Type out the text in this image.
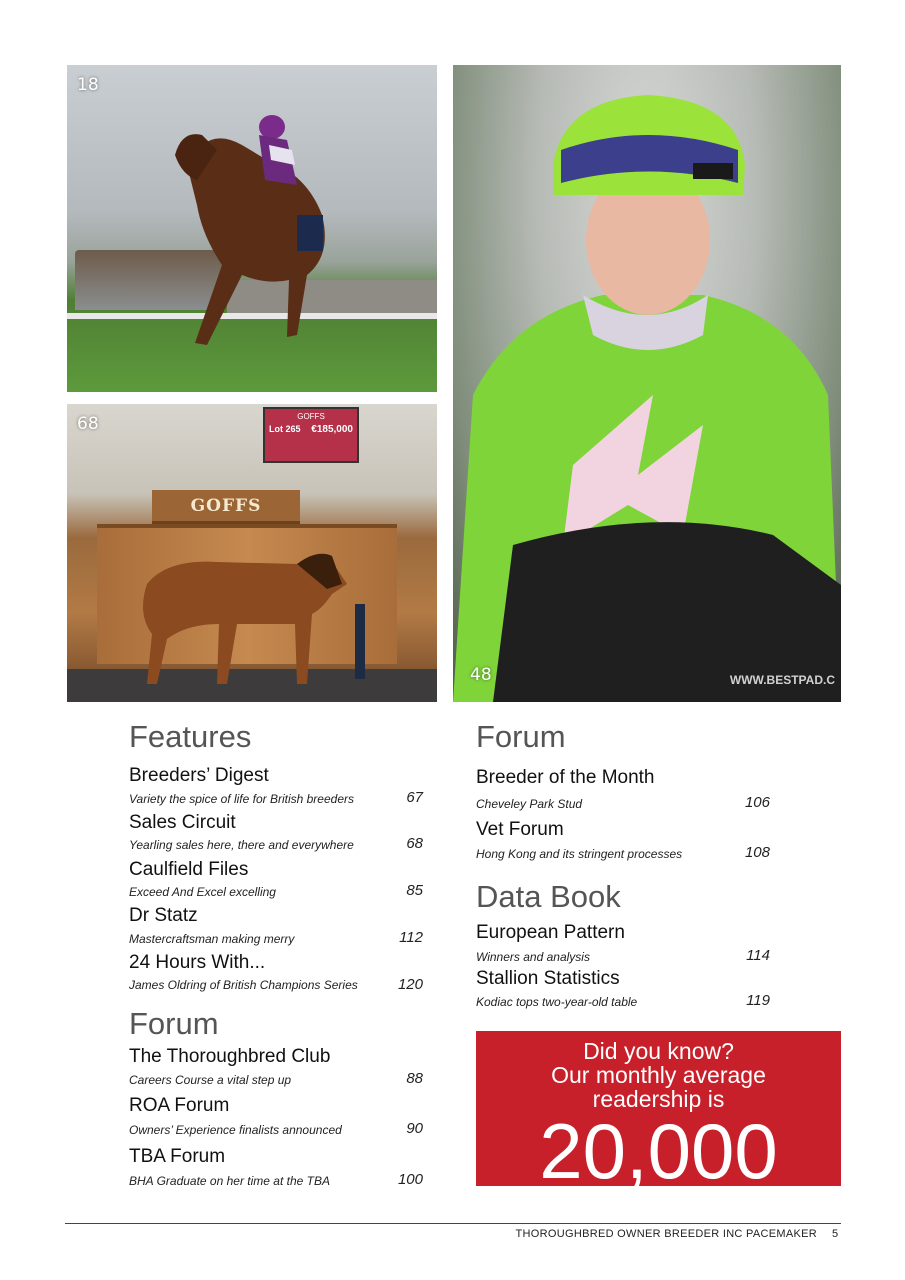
18
GOFFS
Lot 265	€185,000
GOFFS
68
WWW.BESTPAD.C
48
Features
Breeders’ Digest
Variety the spice of life for British breeders	67
Sales Circuit
Yearling sales here, there and everywhere	68
Caulfield Files
Exceed And Excel excelling	85
Dr Statz
Mastercraftsman making merry	112
24 Hours With...
James Oldring of British Champions Series	120
Forum
The Thoroughbred Club
Careers Course a vital step up	88
ROA Forum
Owners’ Experience finalists announced	90
TBA Forum
BHA Graduate on her time at the TBA	100
Forum
Breeder of the Month
Cheveley Park Stud	106
Vet Forum
Hong Kong and its stringent processes	108
Data Book
European Pattern
Winners and analysis	114
Stallion Statistics
Kodiac tops two-year-old table	119
Did you know?
Our monthly average
readership is
20,000
THOROUGHBRED OWNER BREEDER INC PACEMAKER 5
